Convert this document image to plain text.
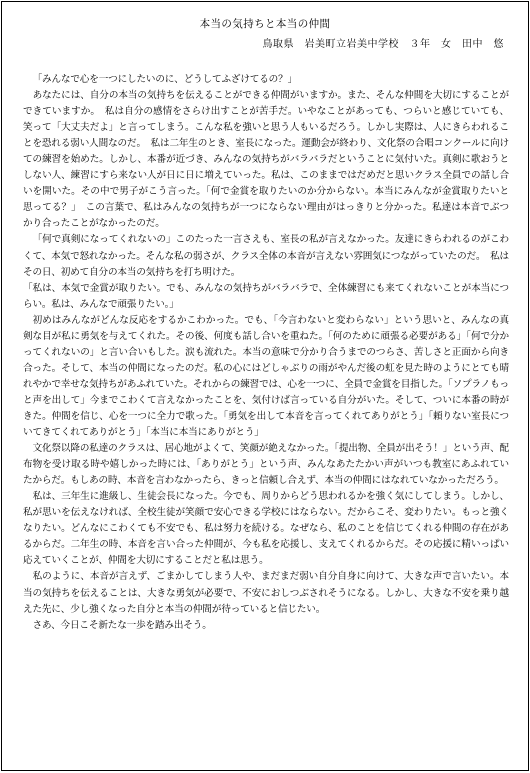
本当の気持ちと本当の仲間
鳥取県　岩美町立岩美中学校　３年　女　田中　悠

「みんなで心を一つにしたいのに、どうしてふざけてるの？」

あなたには、自分の本当の気持ちを伝えることができる仲間がいますか。また、そんな仲間を大切にすることができていますか。　私は自分の感情をさらけ出すことが苦手だ。いやなことがあっても、つらいと感じていても、笑って「大丈夫だよ」と言ってしまう。こんな私を強いと思う人もいるだろう。しかし実際は、人にきらわれることを恐れる弱い人間なのだ。　私は二年生のとき、室長になった。運動会が終わり、文化祭の合唱コンクールに向けての練習を始めた。しかし、本番が近づき、みんなの気持ちがバラバラだということに気付いた。真剣に歌おうとしない人、練習にすら来ない人が日に日に増えていった。私は、このままではだめだと思いクラス全員での話し合いを開いた。その中で男子がこう言った。「何で金賞を取りたいのか分からない。本当にみんなが金賞取りたいと思ってる？」　この言葉で、私はみんなの気持ちが一つにならない理由がはっきりと分かった。私達は本音でぶつかり合ったことがなかったのだ。

「何で真剣になってくれないの」このたった一言さえも、室長の私が言えなかった。友達にきらわれるのがこわくて、本気で怒れなかった。そんな私の弱さが、クラス全体の本音が言えない雰囲気につながっていたのだ。　私はその日、初めて自分の本当の気持ちを打ち明けた。

「私は、本気で金賞が取りたい。でも、みんなの気持ちがバラバラで、全体練習にも来てくれないことが本当につらい。私は、みんなで頑張りたい。」

初めはみんながどんな反応をするかこわかった。でも、「今言わないと変わらない」という思いと、みんなの真剣な目が私に勇気を与えてくれた。その後、何度も話し合いを重ねた。「何のために頑張る必要がある」「何で分かってくれないの」と言い合いもした。涙も流れた。本当の意味で分かり合うまでのつらさ、苦しさと正面から向き合った。そして、本当の仲間になったのだ。私の心にはどしゃぶりの雨がやんだ後の虹を見た時のようにとても晴れやかで幸せな気持ちがあふれていた。それからの練習では、心を一つに、全員で金賞を目指した。「ソプラノもっと声を出して」今までこわくて言えなかったことを、気付けば言っている自分がいた。そして、ついに本番の時がきた。仲間を信じ、心を一つに全力で歌った。「勇気を出して本音を言ってくれてありがとう」「頼りない室長についてきてくれてありがとう」「本当に本当にありがとう」

文化祭以降の私達のクラスは、居心地がよくて、笑顔が絶えなかった。「提出物、全員が出そう！」という声、配布物を受け取る時や嬉しかった時には、「ありがとう」という声、みんなあたたかい声がいつも教室にあふれていたからだ。もしあの時、本音を言わなかったら、きっと信頼し合えず、本当の仲間にはなれていなかっただろう。

私は、三年生に進級し、生徒会長になった。今でも、周りからどう思われるかを強く気にしてしまう。しかし、私が思いを伝えなければ、全校生徒が笑顔で安心できる学校にはならない。だからこそ、変わりたい。もっと強くなりたい。どんなにこわくても不安でも、私は努力を続ける。なぜなら、私のことを信じてくれる仲間の存在があるからだ。二年生の時、本音を言い合った仲間が、今も私を応援し、支えてくれるからだ。その応援に精いっぱい応えていくことが、仲間を大切にすることだと私は思う。

私のように、本音が言えず、ごまかしてしまう人や、まだまだ弱い自分自身に向けて、大きな声で言いたい。本当の気持ちを伝えることは、大きな勇気が必要で、不安におしつぶされそうになる。しかし、大きな不安を乗り越えた先に、少し強くなった自分と本当の仲間が待っていると信じたい。

さあ、今日こそ新たな一歩を踏み出そう。
